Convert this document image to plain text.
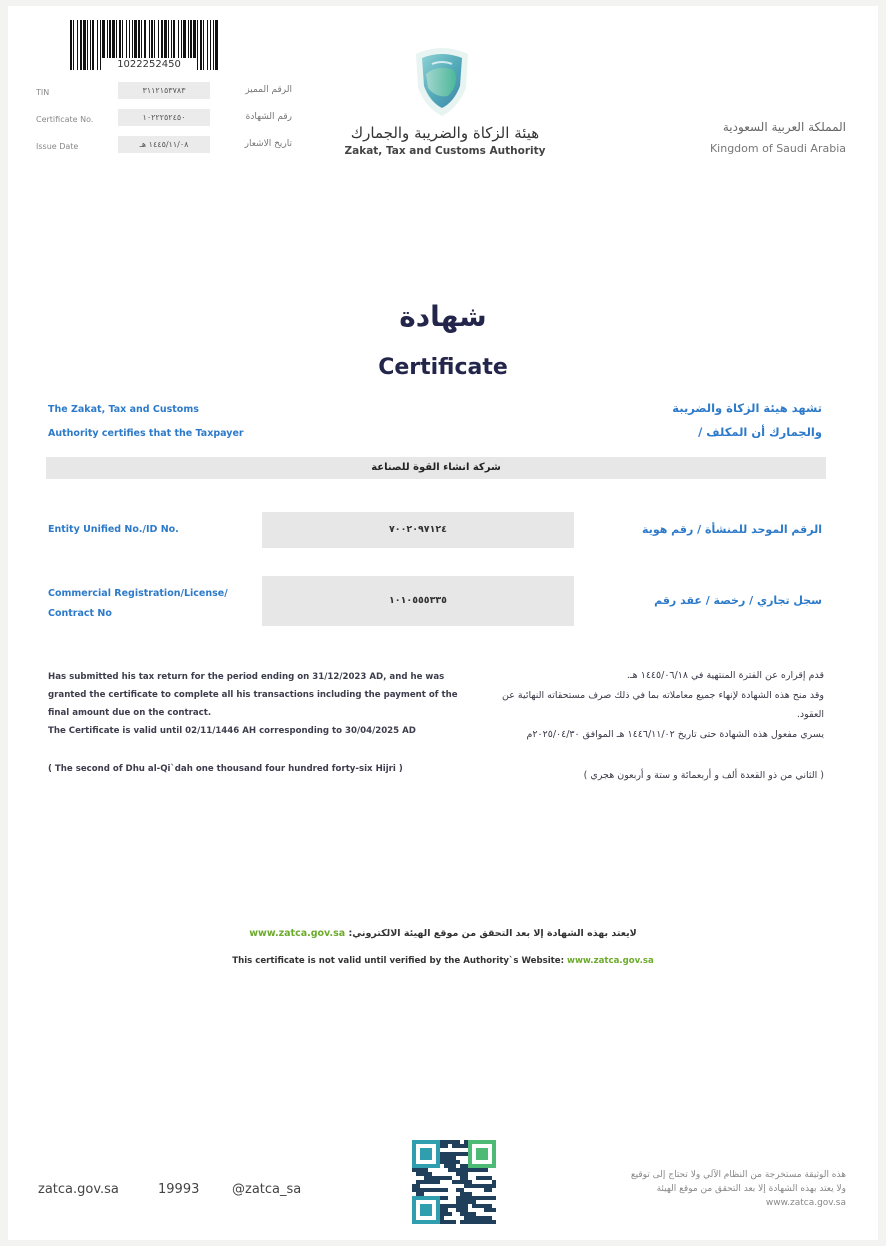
1022252450
TIN	٣١١٢١٥٣٧٨٣	الرقم المميز
Certificate No.	١٠٢٢٢٥٢٤٥٠	رقم الشهادة
Issue Date	١٤٤٥/١١/٠٨ هـ	تاريخ الاشعار
هيئة الزكاة والضريبة والجمارك
Zakat, Tax and Customs Authority
المملكة العربية السعودية
Kingdom of Saudi Arabia
شهادة
Certificate
The Zakat, Tax and Customs
Authority certifies that the Taxpayer
تشهد هيئة الزكاة والضريبة
والجمارك أن المكلف /
شركة انشاء القوة للصناعة
Entity Unified No./ID No.	٧٠٠٢٠٩٧١٢٤	الرقم الموحد للمنشأة / رقم هوية
Commercial Registration/License/
Contract No
١٠١٠٥٥٥٣٣٥	سجل تجاري / رخصة / عقد رقم

Has submitted his tax return for the period ending on 31/12/2023 AD, and he was granted the certificate to complete all his transactions including the payment of the final amount due on the contract.

The Certificate is valid until 02/11/1446 AH corresponding to 30/04/2025 AD

( The second of Dhu al-Qi`dah one thousand four hundred forty-six Hijri )

قدم إقراره عن الفترة المنتهية في ١٤٤٥/٠٦/١٨ هـ.

وقد منح هذه الشهادة لإنهاء جميع معاملاته بما في ذلك صرف مستحقاته النهائية عن العقود.

يسري مفعول هذه الشهادة حتى تاريخ ١٤٤٦/١١/٠٢ هـ الموافق ٢٠٢٥/٠٤/٣٠م

( الثاني من ذو القعدة ألف و أربعمائة و ستة و أربعون هجري )

www.zatca.gov.sa لايعتد بهذه الشهادة إلا بعد التحقق من موقع الهيئة الالكتروني:
This certificate is not valid until verified by the Authority`s Website: www.zatca.gov.sa
zatca.gov.sa	19993	@zatca_sa

هذه الوثيقة مستخرجة من النظام الآلي ولا تحتاج إلى توقيع

ولا يعتد بهذه الشهادة إلا بعد التحقق من موقع الهيئة

www.zatca.gov.sa
